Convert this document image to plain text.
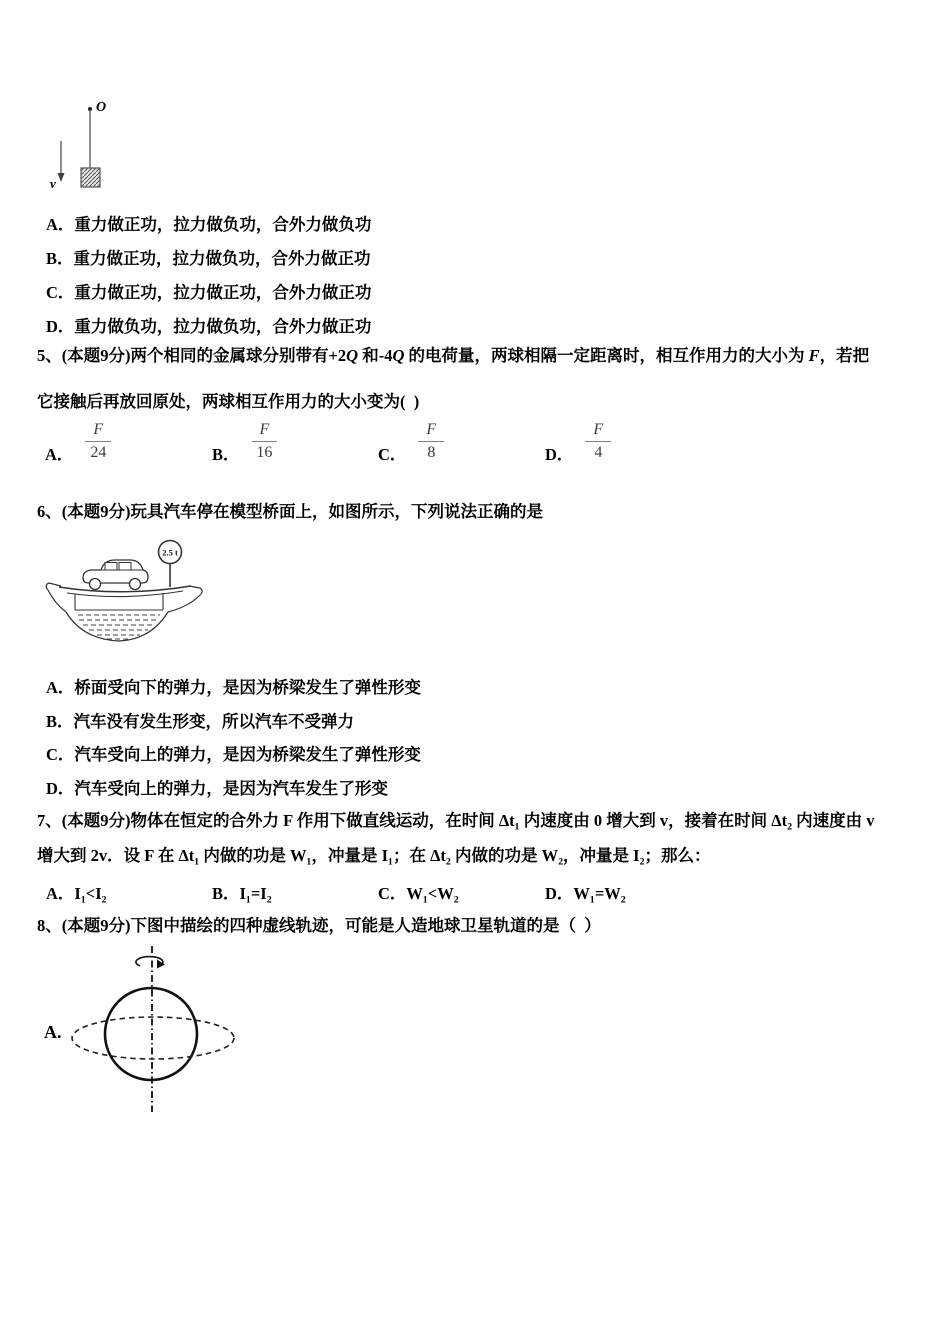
O
v
A．重力做正功，拉力做负功，合外力做负功
B．重力做正功，拉力做负功，合外力做正功
C．重力做正功，拉力做正功，合外力做正功
D．重力做负功，拉力做负功，合外力做正功
5、(本题9分)两个相同的金属球分别带有+2Q 和-4Q 的电荷量，两球相隔一定距离时，相互作用力的大小为 F，若把
它接触后再放回原处，两球相互作用力的大小变为(  )
A． $\frac{F}{24}$	B． $\frac{F}{16}$	C． $\frac{F}{8}$	D． $\frac{F}{4}$
6、(本题9分)玩具汽车停在模型桥面上，如图所示，下列说法正确的是
2.5 t
A．桥面受向下的弹力，是因为桥梁发生了弹性形变
B．汽车没有发生形变，所以汽车不受弹力
C．汽车受向上的弹力，是因为桥梁发生了弹性形变
D．汽车受向上的弹力，是因为汽车发生了形变
7、(本题9分)物体在恒定的合外力 F 作用下做直线运动，在时间 Δt₁ 内速度由 0 增大到 v，接着在时间 Δt₂ 内速度由 v
增大到 2v．设 F 在 Δt₁ 内做的功是 W₁，冲量是 I₁；在 Δt₂ 内做的功是 W₂，冲量是 I₂；那么：
A．I₁<I₂	B．I₁=I₂	C．W₁<W₂	D．W₁=W₂
8、(本题9分)下图中描绘的四种虚线轨迹，可能是人造地球卫星轨道的是（  ）
A.
